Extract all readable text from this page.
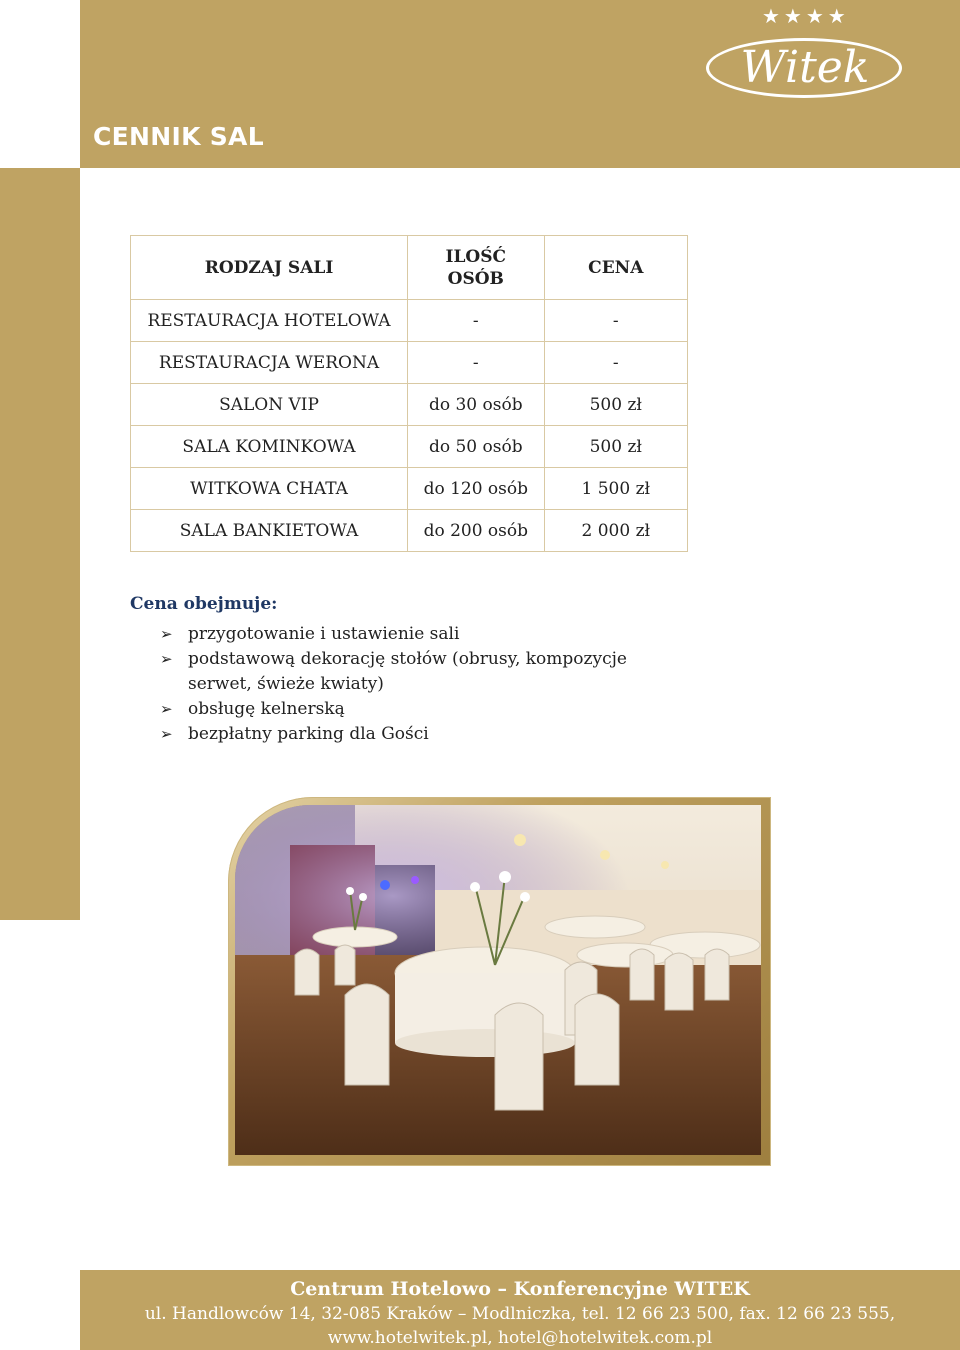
CENNIK SAL
★★★★
Witek
RODZAJ SALI	ILOŚĆ OSÓB	CENA
RESTAURACJA HOTELOWA	-	-
RESTAURACJA WERONA	-	-
SALON VIP	do 30 osób	500 zł
SALA KOMINKOWA	do 50 osób	500 zł
WITKOWA CHATA	do 120 osób	1 500 zł
SALA BANKIETOWA	do 200 osób	2 000 zł
Cena obejmuje:
➢ przygotowanie i ustawienie sali
➢ podstawową dekorację stołów (obrusy, kompozycje serwet, świeże kwiaty)
➢ obsługę kelnerską
➢ bezpłatny parking dla Gości
Centrum Hotelowo – Konferencyjne WITEK
ul. Handlowców 14, 32-085 Kraków – Modlniczka, tel. 12 66 23 500, fax. 12 66 23 555,
www.hotelwitek.pl, hotel@hotelwitek.com.pl
